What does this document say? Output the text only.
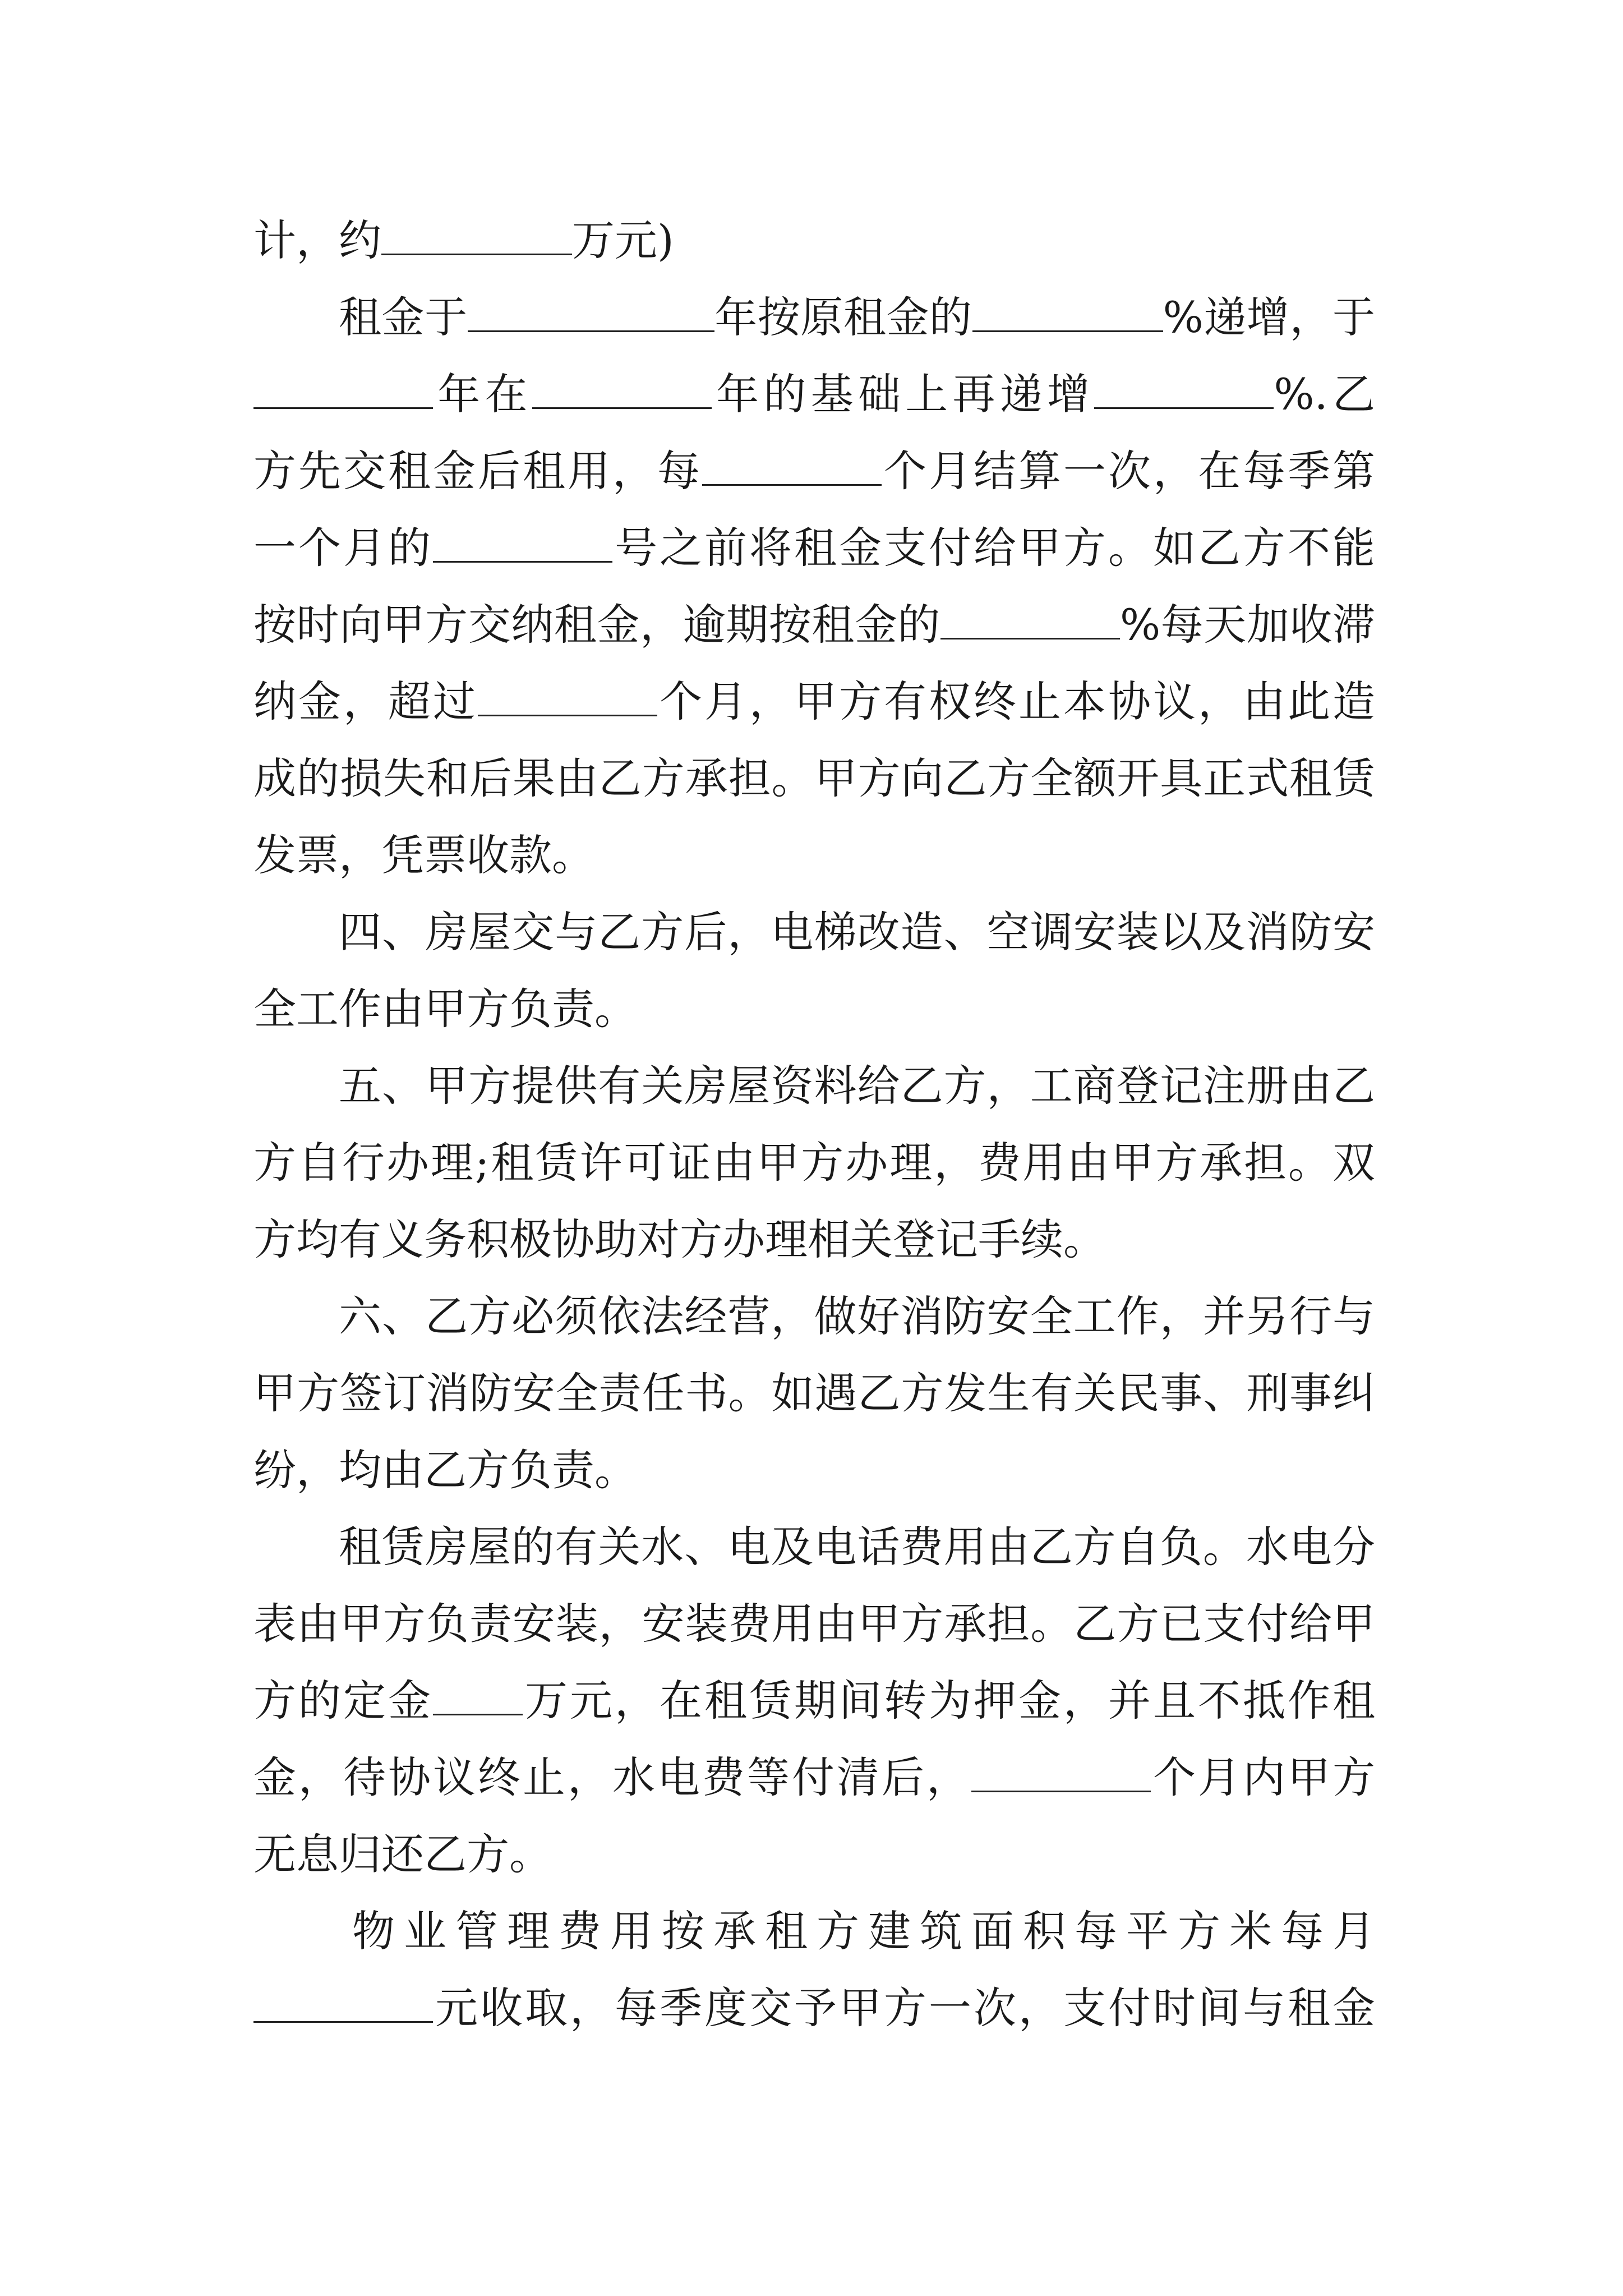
计，约	万元)
租金于	年按原租金的	%递增，于
年在	年的基础上再递增	%.乙
方先交租金后租用，每	个月结算一次，在每季第
一个月的	号之前将租金支付给甲方。如乙方不能
按时向甲方交纳租金，逾期按租金的	%每天加收滞
纳金，超过	个月，甲方有权终止本协议，由此造
成的损失和后果由乙方承担。甲方向乙方全额开具正式租赁
发票，凭票收款。
四、房屋交与乙方后，电梯改造、空调安装以及消防安
全工作由甲方负责。
五、甲方提供有关房屋资料给乙方，工商登记注册由乙
方自行办理;租赁许可证由甲方办理，费用由甲方承担。双
方均有义务积极协助对方办理相关登记手续。
六、乙方必须依法经营，做好消防安全工作，并另行与
甲方签订消防安全责任书。如遇乙方发生有关民事、刑事纠
纷，均由乙方负责。
租赁房屋的有关水、电及电话费用由乙方自负。水电分
表由甲方负责安装，安装费用由甲方承担。乙方已支付给甲
方的定金 万元，在租赁期间转为押金，并且不抵作租
金，待协议终止，水电费等付清后，	个月内甲方
无息归还乙方。
物业管理费用按承租方建筑面积每平方米每月
元收取，每季度交予甲方一次，支付时间与租金
